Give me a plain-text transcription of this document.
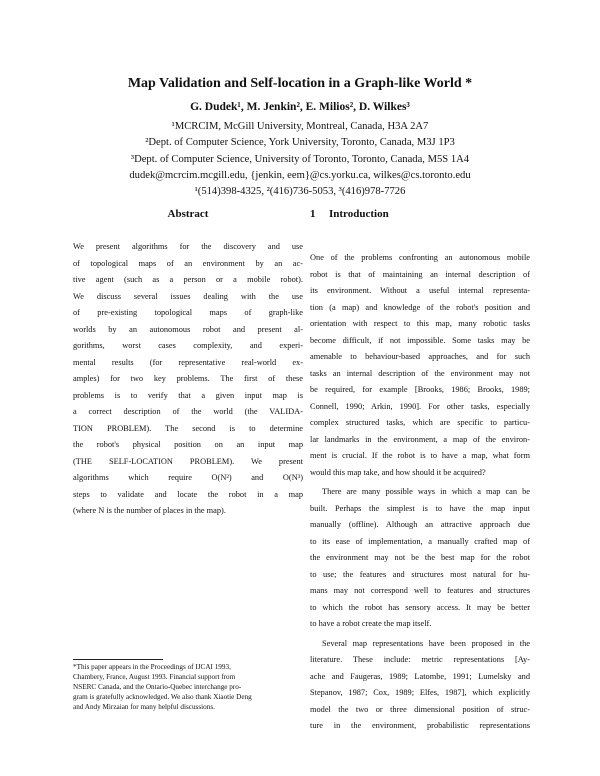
Map Validation and Self-location in a Graph-like World *
G. Dudek¹, M. Jenkin², E. Milios², D. Wilkes³
¹MCRCIM, McGill University, Montreal, Canada, H3A 2A7
²Dept. of Computer Science, York University, Toronto, Canada, M3J 1P3
³Dept. of Computer Science, University of Toronto, Toronto, Canada, M5S 1A4
dudek@mcrcim.mcgill.edu, {jenkin, eem}@cs.yorku.ca, wilkes@cs.toronto.edu
¹(514)398-4325, ²(416)736-5053, ³(416)978-7726
Abstract
We present algorithms for the discovery and use
of topological maps of an environment by an ac-
tive agent (such as a person or a mobile robot).
We discuss several issues dealing with the use
of pre-existing topological maps of graph-like
worlds by an autonomous robot and present al-
gorithms, worst cases complexity, and experi-
mental results (for representative real-world ex-
amples) for two key problems. The first of these
problems is to verify that a given input map is
a correct description of the world (the VALIDA-
TION PROBLEM). The second is to determine
the robot's physical position on an input map
(THE SELF-LOCATION PROBLEM). We present
algorithms which require O(N²) and O(N³)
steps to validate and locate the robot in a map
(where N is the number of places in the map).
*This paper appears in the Proceedings of IJCAI 1993,
Chambery, France, August 1993. Financial support from
NSERC Canada, and the Ontario-Quebec interchange pro-
gram is gratefully acknowledged. We also thank Xiaotie Deng
and Andy Mirzaian for many helpful discussions.
1 Introduction
One of the problems confronting an autonomous mobile
robot is that of maintaining an internal description of
its environment. Without a useful internal representa-
tion (a map) and knowledge of the robot's position and
orientation with respect to this map, many robotic tasks
become difficult, if not impossible. Some tasks may be
amenable to behaviour-based approaches, and for such
tasks an internal description of the environment may not
be required, for example [Brooks, 1986; Brooks, 1989;
Connell, 1990; Arkin, 1990]. For other tasks, especially
complex structured tasks, which are specific to particu-
lar landmarks in the environment, a map of the environ-
ment is crucial. If the robot is to have a map, what form
would this map take, and how should it be acquired?
There are many possible ways in which a map can be
built. Perhaps the simplest is to have the map input
manually (offline). Although an attractive approach due
to its ease of implementation, a manually crafted map of
the environment may not be the best map for the robot
to use; the features and structures most natural for hu-
mans may not correspond well to features and structures
to which the robot has sensory access. It may be better
to have a robot create the map itself.
Several map representations have been proposed in the
literature. These include: metric representations [Ay-
ache and Faugeras, 1989; Latombe, 1991; Lumelsky and
Stepanov, 1987; Cox, 1989; Elfes, 1987], which explicitly
model the two or three dimensional position of struc-
ture in the environment, probabilistic representations
